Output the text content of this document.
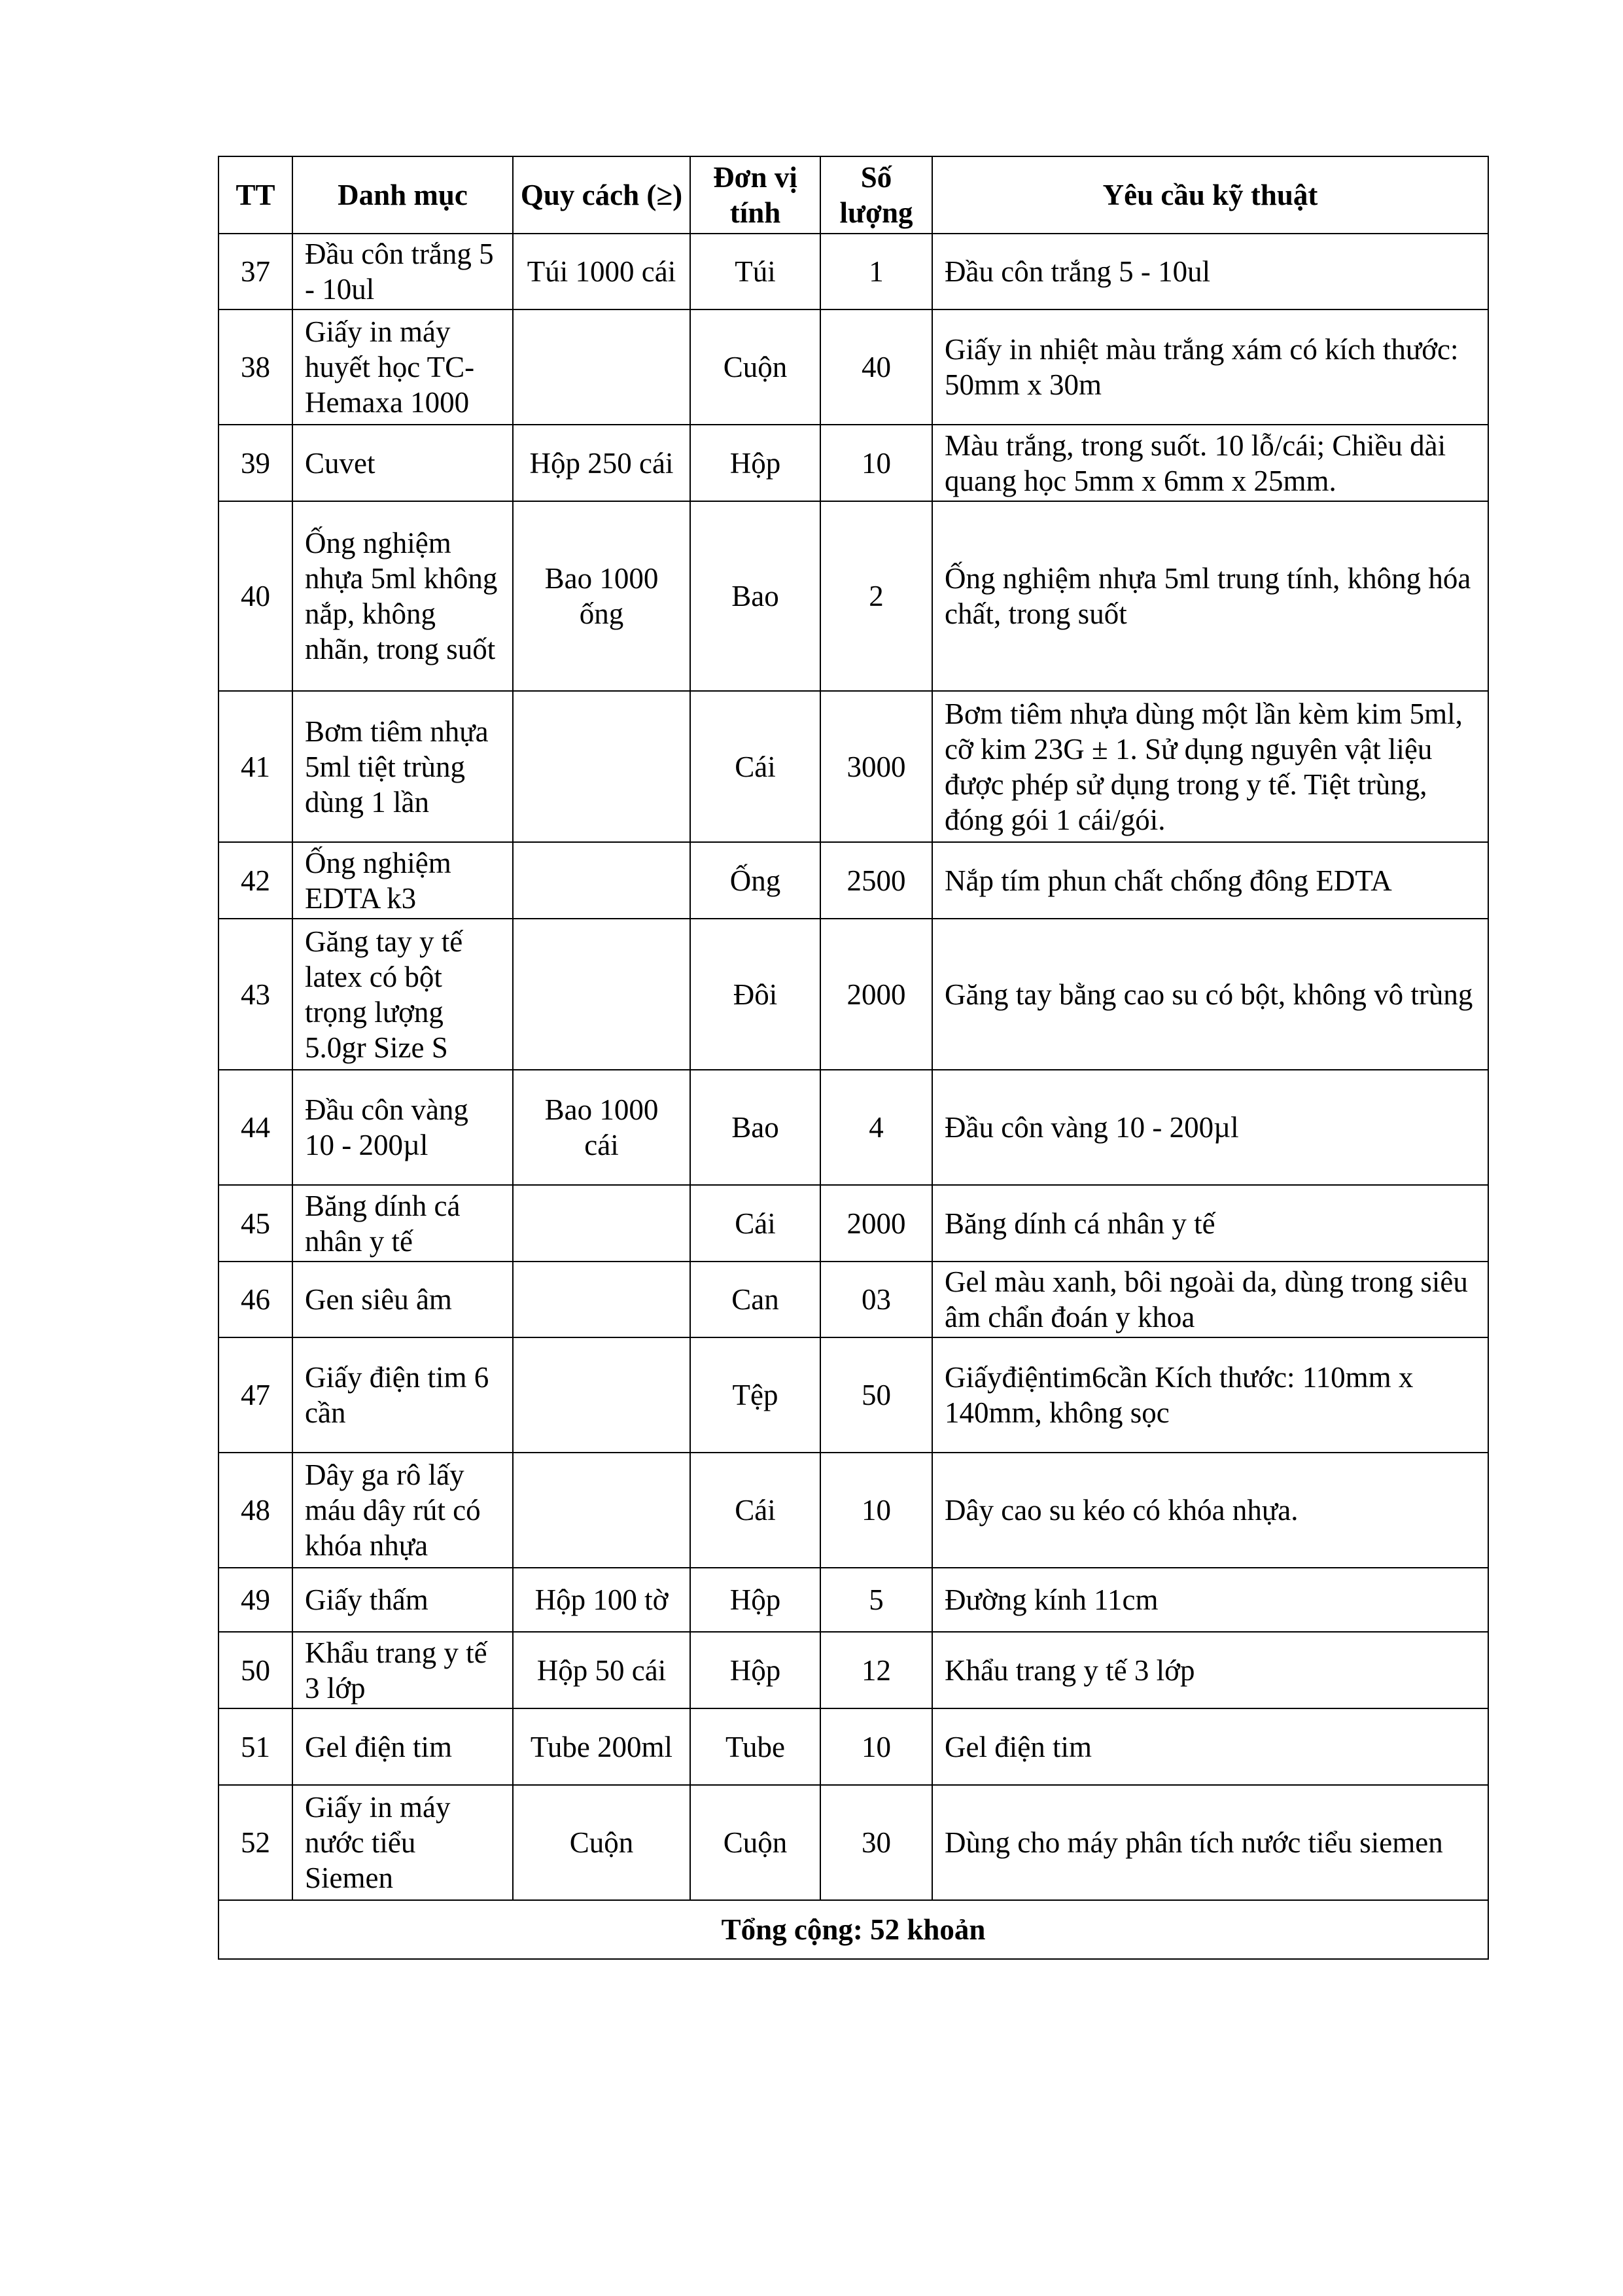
TT	Danh mục	Quy cách (≥)	Đơn vị tính	Số lượng	Yêu cầu kỹ thuật
37	Đầu côn trắng 5 - 10ul	Túi 1000 cái	Túi	1	Đầu côn trắng 5 - 10ul
38	Giấy in máy huyết học TC-Hemaxa 1000		Cuộn	40	Giấy in nhiệt màu trắng xám có kích thước: 50mm x 30m
39	Cuvet	Hộp 250 cái	Hộp	10	Màu trắng, trong suốt. 10 lỗ/cái; Chiều dài quang học 5mm x 6mm x 25mm.
40	Ống nghiệm nhựa 5ml không nắp, không nhãn, trong suốt	Bao 1000 ống	Bao	2	Ống nghiệm nhựa 5ml trung tính, không hóa chất, trong suốt
41	Bơm tiêm nhựa 5ml tiệt trùng dùng 1 lần		Cái	3000	Bơm tiêm nhựa dùng một lần kèm kim 5ml, cỡ kim 23G ± 1. Sử dụng nguyên vật liệu được phép sử dụng trong y tế. Tiệt trùng, đóng gói 1 cái/gói.
42	Ống nghiệm EDTA k3		Ống	2500	Nắp tím phun chất chống đông EDTA
43	Găng tay y tế latex có bột trọng lượng 5.0gr Size S		Đôi	2000	Găng tay bằng cao su có bột, không vô trùng
44	Đầu côn vàng 10 - 200µl	Bao 1000 cái	Bao	4	Đầu côn vàng 10 - 200µl
45	Băng dính cá nhân y tế		Cái	2000	Băng dính cá nhân y tế
46	Gen siêu âm		Can	03	Gel màu xanh, bôi ngoài da, dùng trong siêu âm chẩn đoán y khoa
47	Giấy điện tim 6 cần		Tệp	50	Giấyđiệntim6cần Kích thước: 110mm x 140mm, không sọc
48	Dây ga rô lấy máu dây rút có khóa nhựa		Cái	10	Dây cao su kéo có khóa nhựa.
49	Giấy thấm	Hộp 100 tờ	Hộp	5	Đường kính 11cm
50	Khẩu trang y tế 3 lớp	Hộp 50 cái	Hộp	12	Khẩu trang y tế 3 lớp
51	Gel điện tim	Tube 200ml	Tube	10	Gel điện tim
52	Giấy in máy nước tiểu Siemen	Cuộn	Cuộn	30	Dùng cho máy phân tích nước tiểu siemen
Tổng cộng: 52 khoản					
